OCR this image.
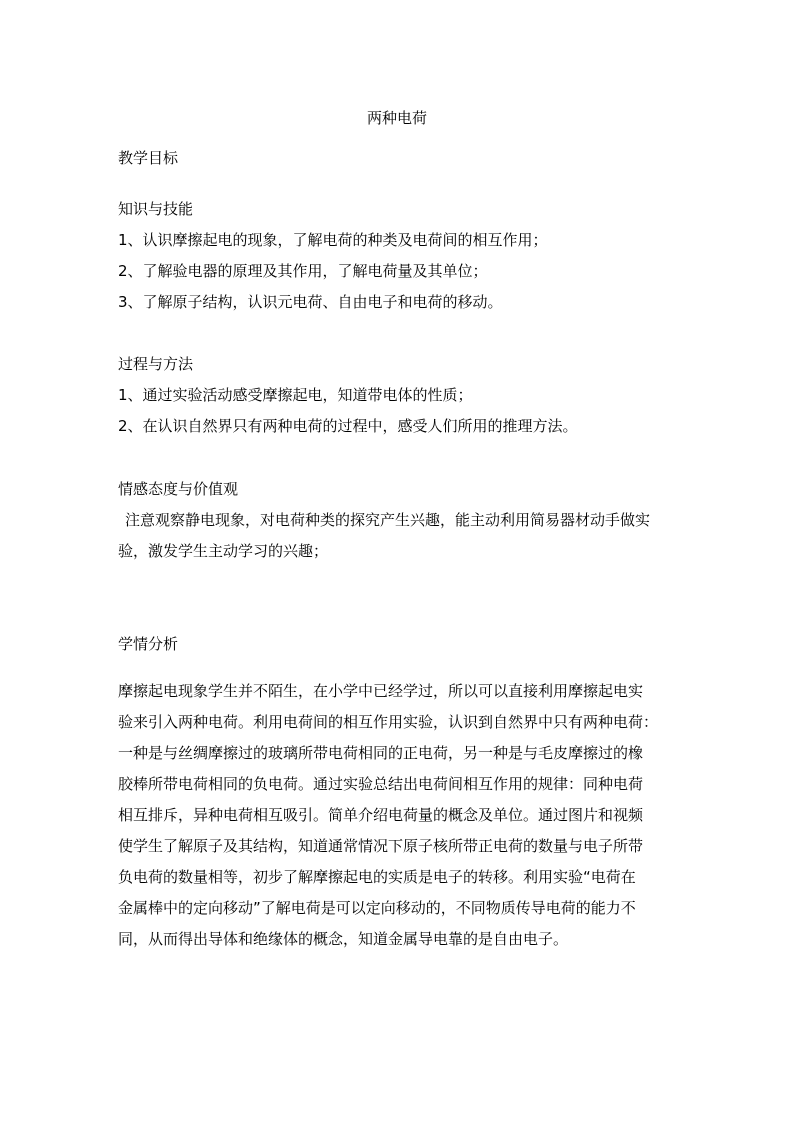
两种电荷
教学目标
知识与技能
1、认识摩擦起电的现象，了解电荷的种类及电荷间的相互作用；
2、了解验电器的原理及其作用，了解电荷量及其单位；
3、了解原子结构，认识元电荷、自由电子和电荷的移动。
过程与方法
1、通过实验活动感受摩擦起电，知道带电体的性质；
2、在认识自然界只有两种电荷的过程中，感受人们所用的推理方法。
情感态度与价值观
注意观察静电现象，对电荷种类的探究产生兴趣，能主动利用简易器材动手做实
验，激发学生主动学习的兴趣；
学情分析
摩擦起电现象学生并不陌生，在小学中已经学过，所以可以直接利用摩擦起电实
验来引入两种电荷。利用电荷间的相互作用实验，认识到自然界中只有两种电荷：
一种是与丝绸摩擦过的玻璃所带电荷相同的正电荷，另一种是与毛皮摩擦过的橡
胶棒所带电荷相同的负电荷。通过实验总结出电荷间相互作用的规律：同种电荷
相互排斥，异种电荷相互吸引。简单介绍电荷量的概念及单位。通过图片和视频
使学生了解原子及其结构，知道通常情况下原子核所带正电荷的数量与电子所带
负电荷的数量相等，初步了解摩擦起电的实质是电子的转移。利用实验“电荷在
金属棒中的定向移动”了解电荷是可以定向移动的，不同物质传导电荷的能力不
同，从而得出导体和绝缘体的概念，知道金属导电靠的是自由电子。
